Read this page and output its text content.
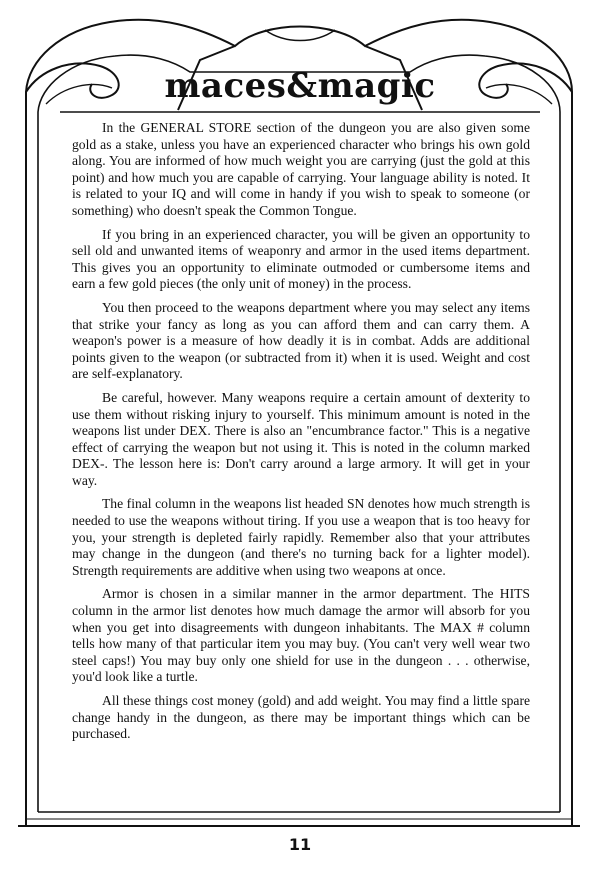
maces&magic

In the GENERAL STORE section of the dungeon you are also given some gold as a stake, unless you have an experienced character who brings his own gold along. You are informed of how much weight you are carrying (just the gold at this point) and how much you are capable of carrying. Your language ability is noted. It is related to your IQ and will come in handy if you wish to speak to someone (or something) who doesn't speak the Common Tongue.

If you bring in an experienced character, you will be given an opportunity to sell old and unwanted items of weaponry and armor in the used items department. This gives you an opportunity to eliminate outmoded or cumbersome items and earn a few gold pieces (the only unit of money) in the process.

You then proceed to the weapons department where you may select any items that strike your fancy as long as you can afford them and can carry them. A weapon's power is a measure of how deadly it is in combat. Adds are additional points given to the weapon (or subtracted from it) when it is used. Weight and cost are self-explanatory.

Be careful, however. Many weapons require a certain amount of dexterity to use them without risking injury to yourself. This minimum amount is noted in the weapons list under DEX. There is also an "encumbrance factor." This is a negative effect of carrying the weapon but not using it. This is noted in the column marked DEX-. The lesson here is: Don't carry around a large armory. It will get in your way.

The final column in the weapons list headed SN denotes how much strength is needed to use the weapons without tiring. If you use a weapon that is too heavy for you, your strength is depleted fairly rapidly. Remember also that your attributes may change in the dungeon (and there's no turning back for a lighter model). Strength requirements are additive when using two weapons at once.

Armor is chosen in a similar manner in the armor department. The HITS column in the armor list denotes how much damage the armor will absorb for you when you get into disagreements with dungeon inhabitants. The MAX # column tells how many of that particular item you may buy. (You can't very well wear two steel caps!) You may buy only one shield for use in the dungeon . . . otherwise, you'd look like a turtle.

All these things cost money (gold) and add weight. You may find a little spare change handy in the dungeon, as there may be important things which can be purchased.

11
